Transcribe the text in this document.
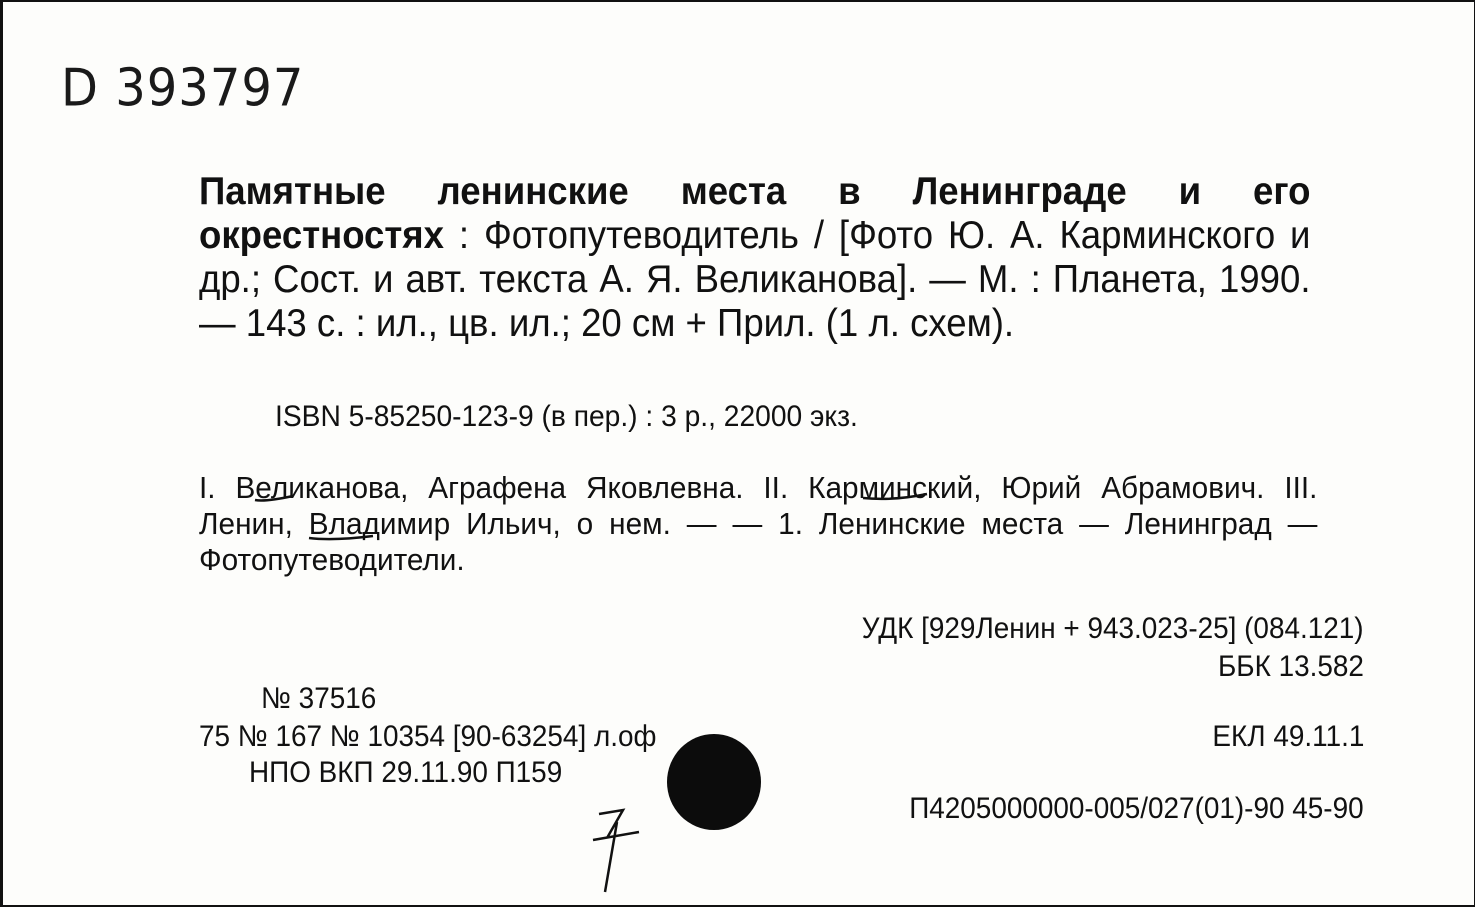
D 393797
Памятные ленинские места в Ленинграде и его окрестностях : Фотопутеводитель / [Фото Ю. А. Карминского и др.; Сост. и авт. текста А. Я. Великанова]. — М. : Планета, 1990. — 143 с. : ил., цв. ил.; 20 см + Прил. (1 л. схем).
ISBN 5-85250-123-9 (в пер.) : 3 р., 22000 экз.
I. Великанова, Аграфена Яковлевна. II. Карминский, Юрий Абрамович. III. Ленин, Владимир Ильич, о нем. — — 1. Ленинские места — Ленинград — Фотопутеводители.
УДК [929Ленин + 943.023-25] (084.121)
ББК 13.582
№ 37516
75 № 167 № 10354 [90-63254] л.оф	ЕКЛ 49.11.1
НПО ВКП 29.11.90 П159
П4205000000-005/027(01)-90 45-90
